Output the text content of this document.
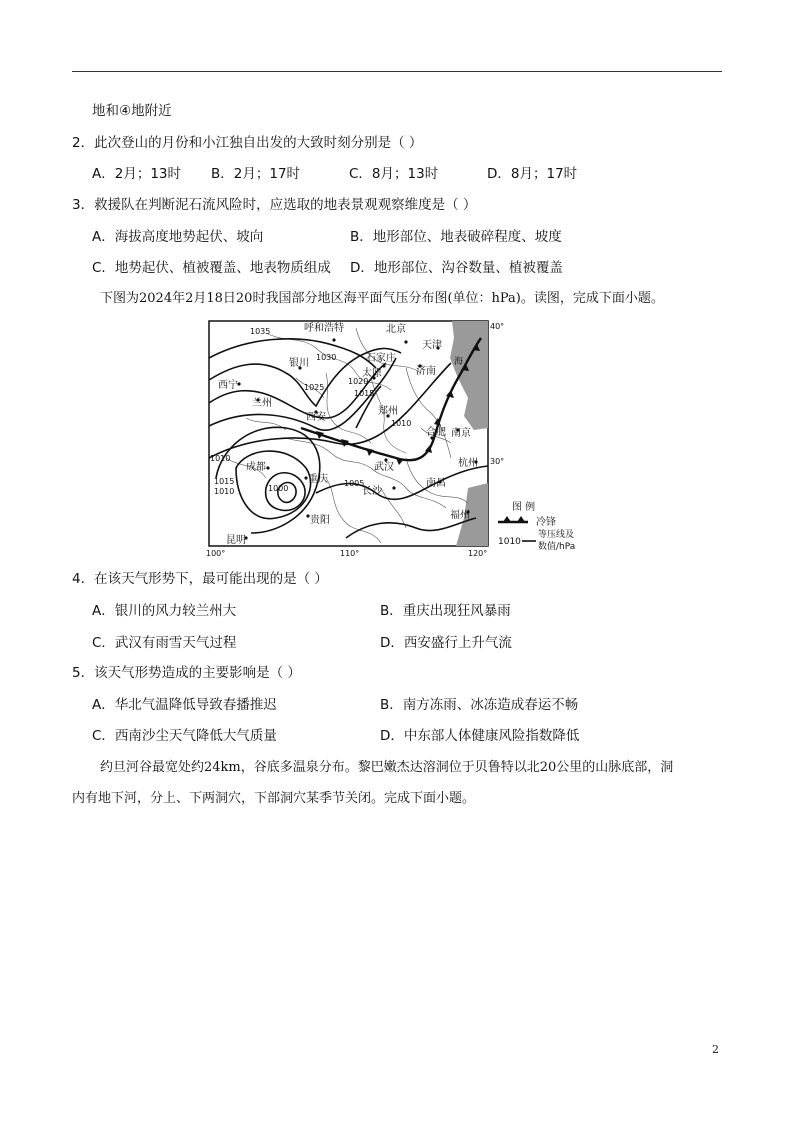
地和④地附近
2．此次登山的月份和小江独自出发的大致时刻分别是（ ）
A．2月；13时 B．2月；17时	C．8月；13时	D．8月；17时
3．救援队在判断泥石流风险时，应选取的地表景观观察维度是（ ）
A．海拔高度地势起伏、坡向	B．地形部位、地表破碎程度、坡度
C．地势起伏、植被覆盖、地表物质组成 D．地形部位、沟谷数量、植被覆盖
下图为2024年2月18日20时我国部分地区海平面气压分布图(单位：hPa)。读图，完成下面小题。
海
1035
1030
1025
1020
1015
1010
1010
1015
1010
1005
1000
呼和浩特	北京
天津
石家庄
银川
太原	济南
西宁
兰州
西安
郑州
合肥 南京
武汉	杭州
成都
重庆
长沙
南昌
贵阳	福州
昆明
100°	110°	120°
40°
30°
图 例
冷锋
1010
等压线及
数值/hPa
4．在该天气形势下，最可能出现的是（ ）
A．银川的风力较兰州大	B．重庆出现狂风暴雨
C．武汉有雨雪天气过程	D．西安盛行上升气流
5．该天气形势造成的主要影响是（ ）
A．华北气温降低导致春播推迟	B．南方冻雨、冰冻造成春运不畅
C．西南沙尘天气降低大气质量	D．中东部人体健康风险指数降低
约旦河谷最宽处约24km，谷底多温泉分布。黎巴嫩杰达溶洞位于贝鲁特以北20公里的山脉底部，洞
内有地下河，分上、下两洞穴，下部洞穴某季节关闭。完成下面小题。
2
